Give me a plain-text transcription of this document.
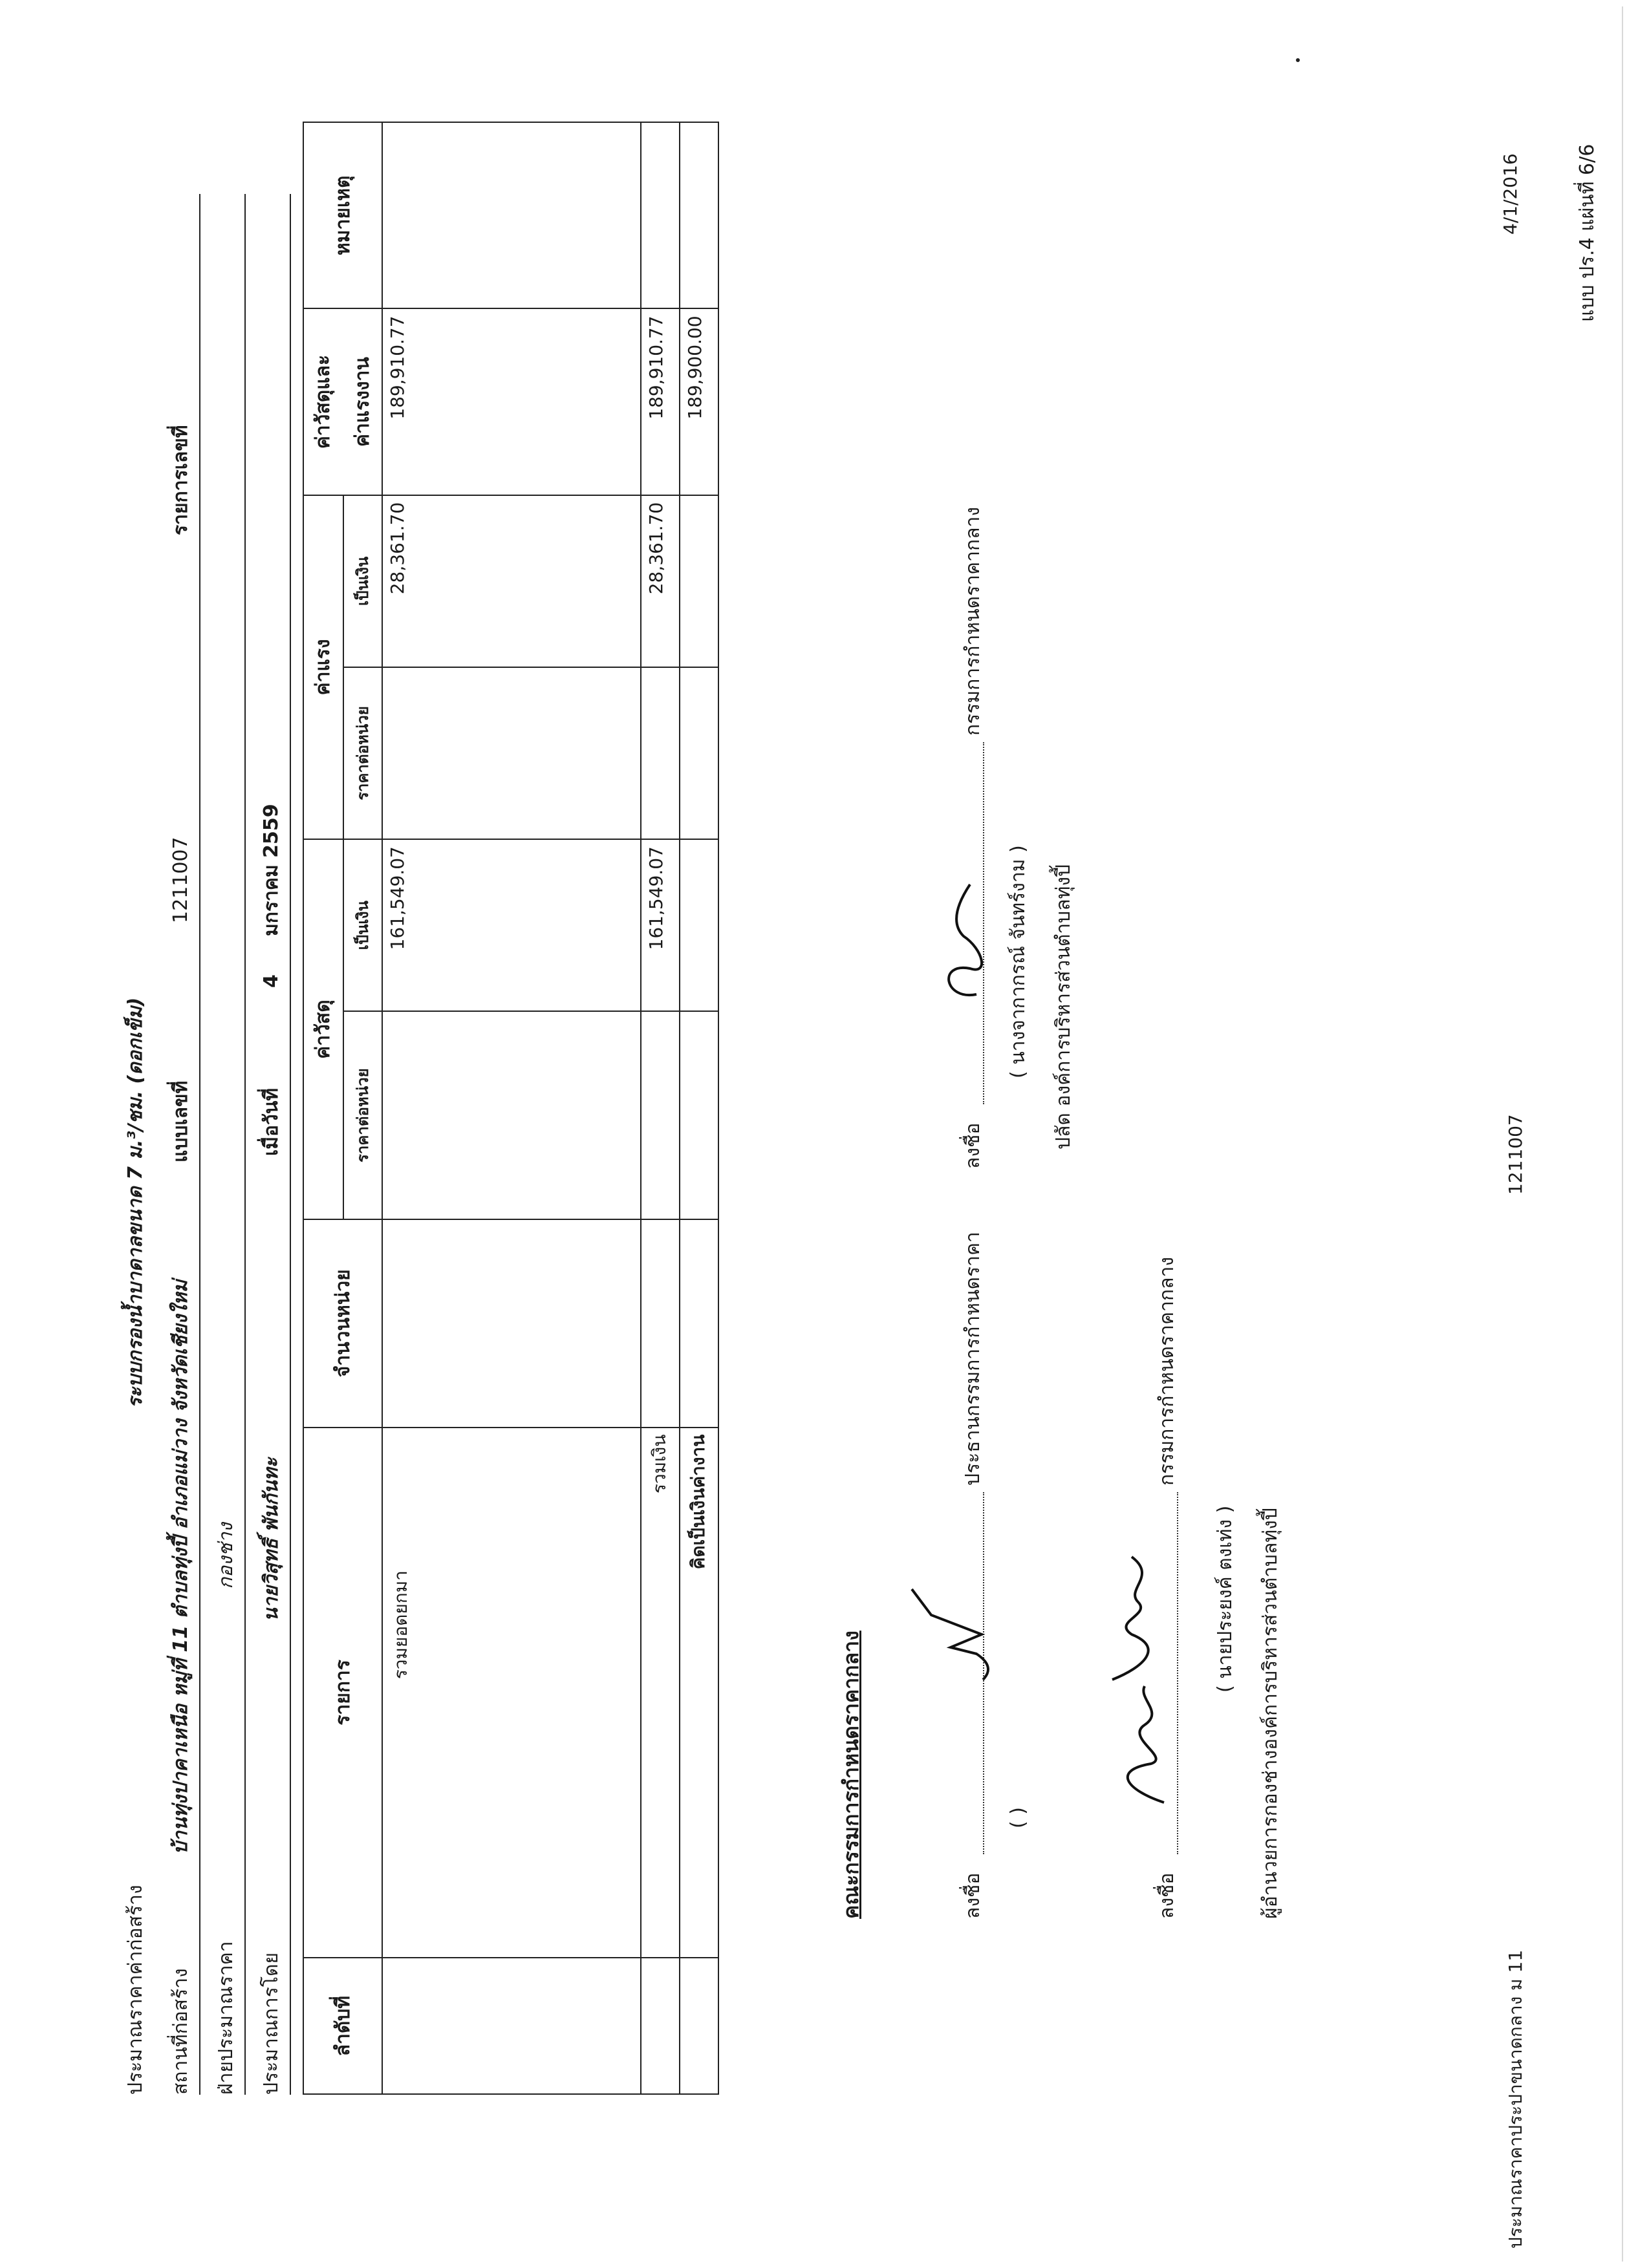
แบบ ปร.4 แผ่นที่ 6/6
4/1/2016
ประมาณราคาค่าก่อสร้าง
ระบบกรองน้ำบาดาลขนาด 7 ม.³/ชม. (ดอกเข็ม)
สถานที่ก่อสร้าง
บ้านทุ่งปาคาเหนือ หมู่ที่ 11 ตำบลทุ่งปี้ อำเภอแม่วาง จังหวัดเชียงใหม่
แบบเลขที่
1211007
รายการเลขที่
ฝ่ายประมาณราคา
กองช่าง
ประมาณการโดย
นายวิสุทธิ์ พันกันทะ
เมื่อวันที่
4
มกราคม 2559
ลำดับที่	รายการ	จำนวนหน่วย	ค่าวัสดุ		ค่าแรง		ค่าวัสดุและ ค่าแรงงาน	หมายเหตุ
			ราคาต่อหน่วย	เป็นเงิน	ราคาต่อหน่วย	เป็นเงิน		
	รวมยอดยกมา			161,549.07		28,361.70	189,910.77	
	รวมเงิน			161,549.07		28,361.70	189,910.77	
	คิดเป็นเงินค่างาน						189,900.00	
คณะกรรมการกำหนดราคากลาง	ลงชื่อ
ประธานกรรมการกำหนดราคา
( )
ลงชื่อ
กรรมการกำหนดราคากลาง
( นายประยงค์ ตงเท่ง ) ผู้อำนวยการกองช่างองค์การบริหารส่วนตำบลทุ่งปี้
ลงชื่อ
กรรมการกำหนดราคากลาง
( นางจากากรณ์ จันทร์งาม ) ปลัด องค์การบริหารส่วนตำบลทุ่งปี้
ประมาณราคาประปาขนาดกลาง ม 11
1211007
